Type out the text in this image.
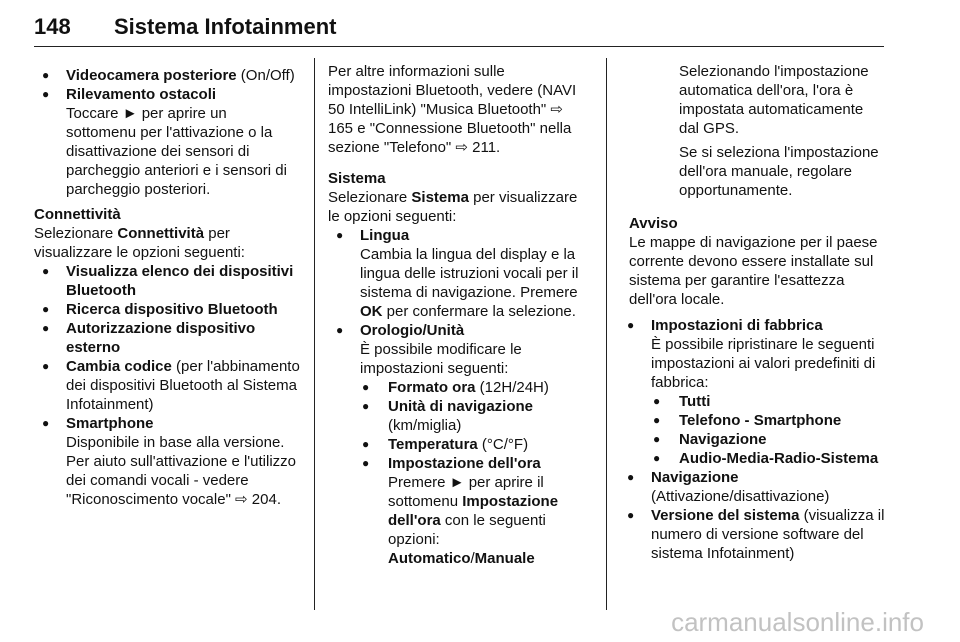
148 Sistema Infotainment

● Videocamera posteriore (On/Off)

● Rilevamento ostacoli

Toccare ► per aprire un sottomenu per l'attivazione o la disattivazione dei sensori di parcheggio anteriori e i sensori di parcheggio posteriori.

Connettività

Selezionare Connettività per visualizzare le opzioni seguenti:

● Visualizza elenco dei dispositivi Bluetooth

● Ricerca dispositivo Bluetooth

● Autorizzazione dispositivo esterno

● Cambia codice (per l'abbinamento dei dispositivi Bluetooth al Sistema Infotainment)

● Smartphone

Disponibile in base alla versione.

Per aiuto sull'attivazione e l'utilizzo dei comandi vocali - vedere "Riconoscimento vocale" ⇨ 204.

Per altre informazioni sulle impostazioni Bluetooth, vedere (NAVI 50 IntelliLink) "Musica Bluetooth" ⇨ 165 e "Connessione Bluetooth" nella sezione "Telefono" ⇨ 211.

Sistema

Selezionare Sistema per visualizzare le opzioni seguenti:

● Lingua

Cambia la lingua del display e la lingua delle istruzioni vocali per il sistema di navigazione. Premere OK per confermare la selezione.

● Orologio/Unità

È possibile modificare le impostazioni seguenti:

● Formato ora (12H/24H)

● Unità di navigazione (km/miglia)

● Temperatura (°C/°F)

● Impostazione dell'ora

Premere ► per aprire il sottomenu Impostazione dell'ora con le seguenti opzioni:

Automatico/Manuale

Selezionando l'impostazione automatica dell'ora, l'ora è impostata automaticamente dal GPS.

Se si seleziona l'impostazione dell'ora manuale, regolare opportunamente.

Avviso

Le mappe di navigazione per il paese corrente devono essere installate sul sistema per garantire l'esattezza dell'ora locale.

● Impostazioni di fabbrica

È possibile ripristinare le seguenti impostazioni ai valori predefiniti di fabbrica:

● Tutti

● Telefono - Smartphone

● Navigazione

● Audio-Media-Radio-Sistema

● Navigazione (Attivazione/disattivazione)

● Versione del sistema (visualizza il numero di versione software del sistema Infotainment)

carmanualsonline.info
